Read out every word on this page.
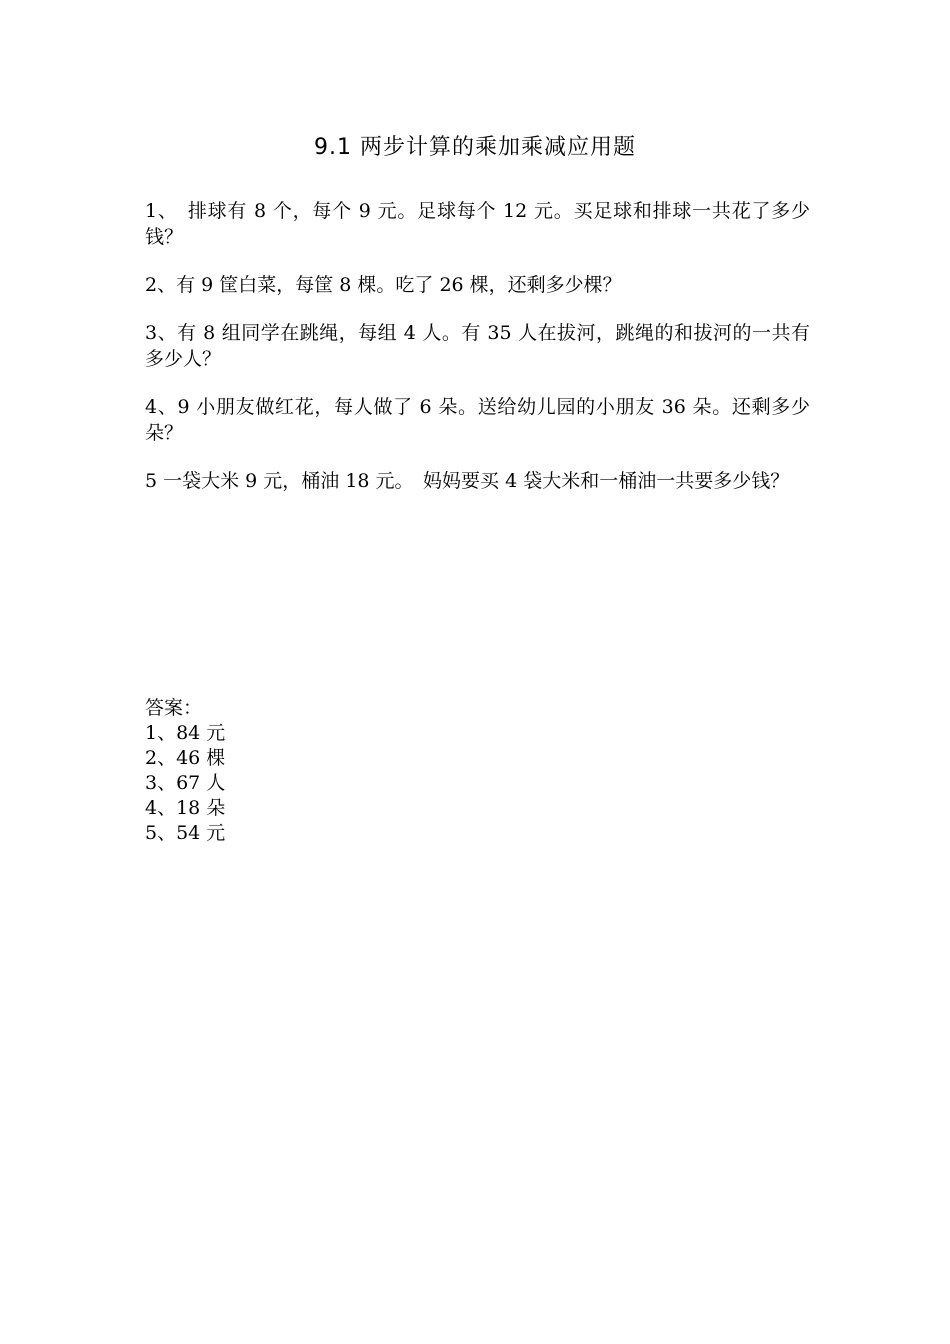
9.1 两步计算的乘加乘减应用题

1、　排球有 8 个，每个 9 元。足球每个 12 元。买足球和排球一共花了多少钱？

2、有 9 筐白菜，每筐 8 棵。吃了 26 棵，还剩多少棵？

3、有 8 组同学在跳绳，每组 4 人。有 35 人在拔河，跳绳的和拔河的一共有多少人？

4、9 小朋友做红花，每人做了 6 朵。送给幼儿园的小朋友 36 朵。还剩多少朵？

5 一袋大米 9 元，桶油 18 元。　妈妈要买 4 袋大米和一桶油一共要多少钱？

答案：

1、84 元

2、46 棵

3、67 人

4、18 朵

5、54 元
